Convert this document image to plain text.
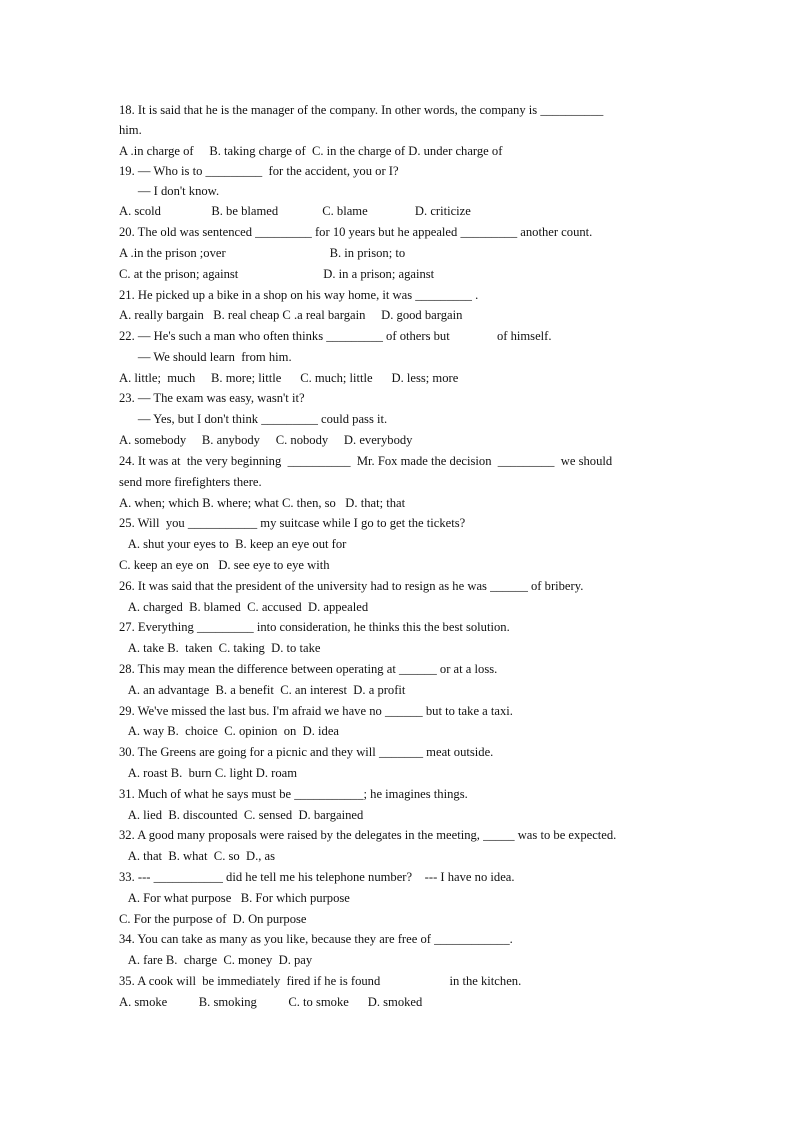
18. It is said that he is the manager of the company. In other words, the company is __________
him.
A .in charge of     B. taking charge of  C. in the charge of D. under charge of
19. — Who is to _________  for the accident, you or I?
— I don't know.
A. scold                B. be blamed              C. blame               D. criticize
20. The old was sentenced _________ for 10 years but he appealed _________ another count.
A .in the prison ;over                                 B. in prison; to
C. at the prison; against                           D. in a prison; against
21. He picked up a bike in a shop on his way home, it was _________ .
A. really bargain   B. real cheap C .a real bargain     D. good bargain
22. — He's such a man who often thinks _________ of others but               of himself.
— We should learn  from him.
A. little;  much     B. more; little      C. much; little      D. less; more
23. — The exam was easy, wasn't it?
— Yes, but I don't think _________ could pass it.
A. somebody     B. anybody     C. nobody     D. everybody
24. It was at  the very beginning  __________  Mr. Fox made the decision  _________  we should
send more firefighters there.
A. when; which B. where; what C. then, so   D. that; that
25. Will  you ___________ my suitcase while I go to get the tickets?
A. shut your eyes to  B. keep an eye out for
C. keep an eye on   D. see eye to eye with
26. It was said that the president of the university had to resign as he was ______ of bribery.
A. charged  B. blamed  C. accused  D. appealed
27. Everything _________ into consideration, he thinks this the best solution.
A. take B.  taken  C. taking  D. to take
28. This may mean the difference between operating at ______ or at a loss.
A. an advantage  B. a benefit  C. an interest  D. a profit
29. We've missed the last bus. I'm afraid we have no ______ but to take a taxi.
A. way B.  choice  C. opinion  on  D. idea
30. The Greens are going for a picnic and they will _______ meat outside.
A. roast B.  burn C. light D. roam
31. Much of what he says must be ___________; he imagines things.
A. lied  B. discounted  C. sensed  D. bargained
32. A good many proposals were raised by the delegates in the meeting, _____ was to be expected.
A. that  B. what  C. so  D., as
33. --- ___________ did he tell me his telephone number?    --- I have no idea.
A. For what purpose   B. For which purpose
C. For the purpose of  D. On purpose
34. You can take as many as you like, because they are free of ____________.
A. fare B.  charge  C. money  D. pay
35. A cook will  be immediately  fired if he is found                      in the kitchen.
A. smoke          B. smoking          C. to smoke      D. smoked
